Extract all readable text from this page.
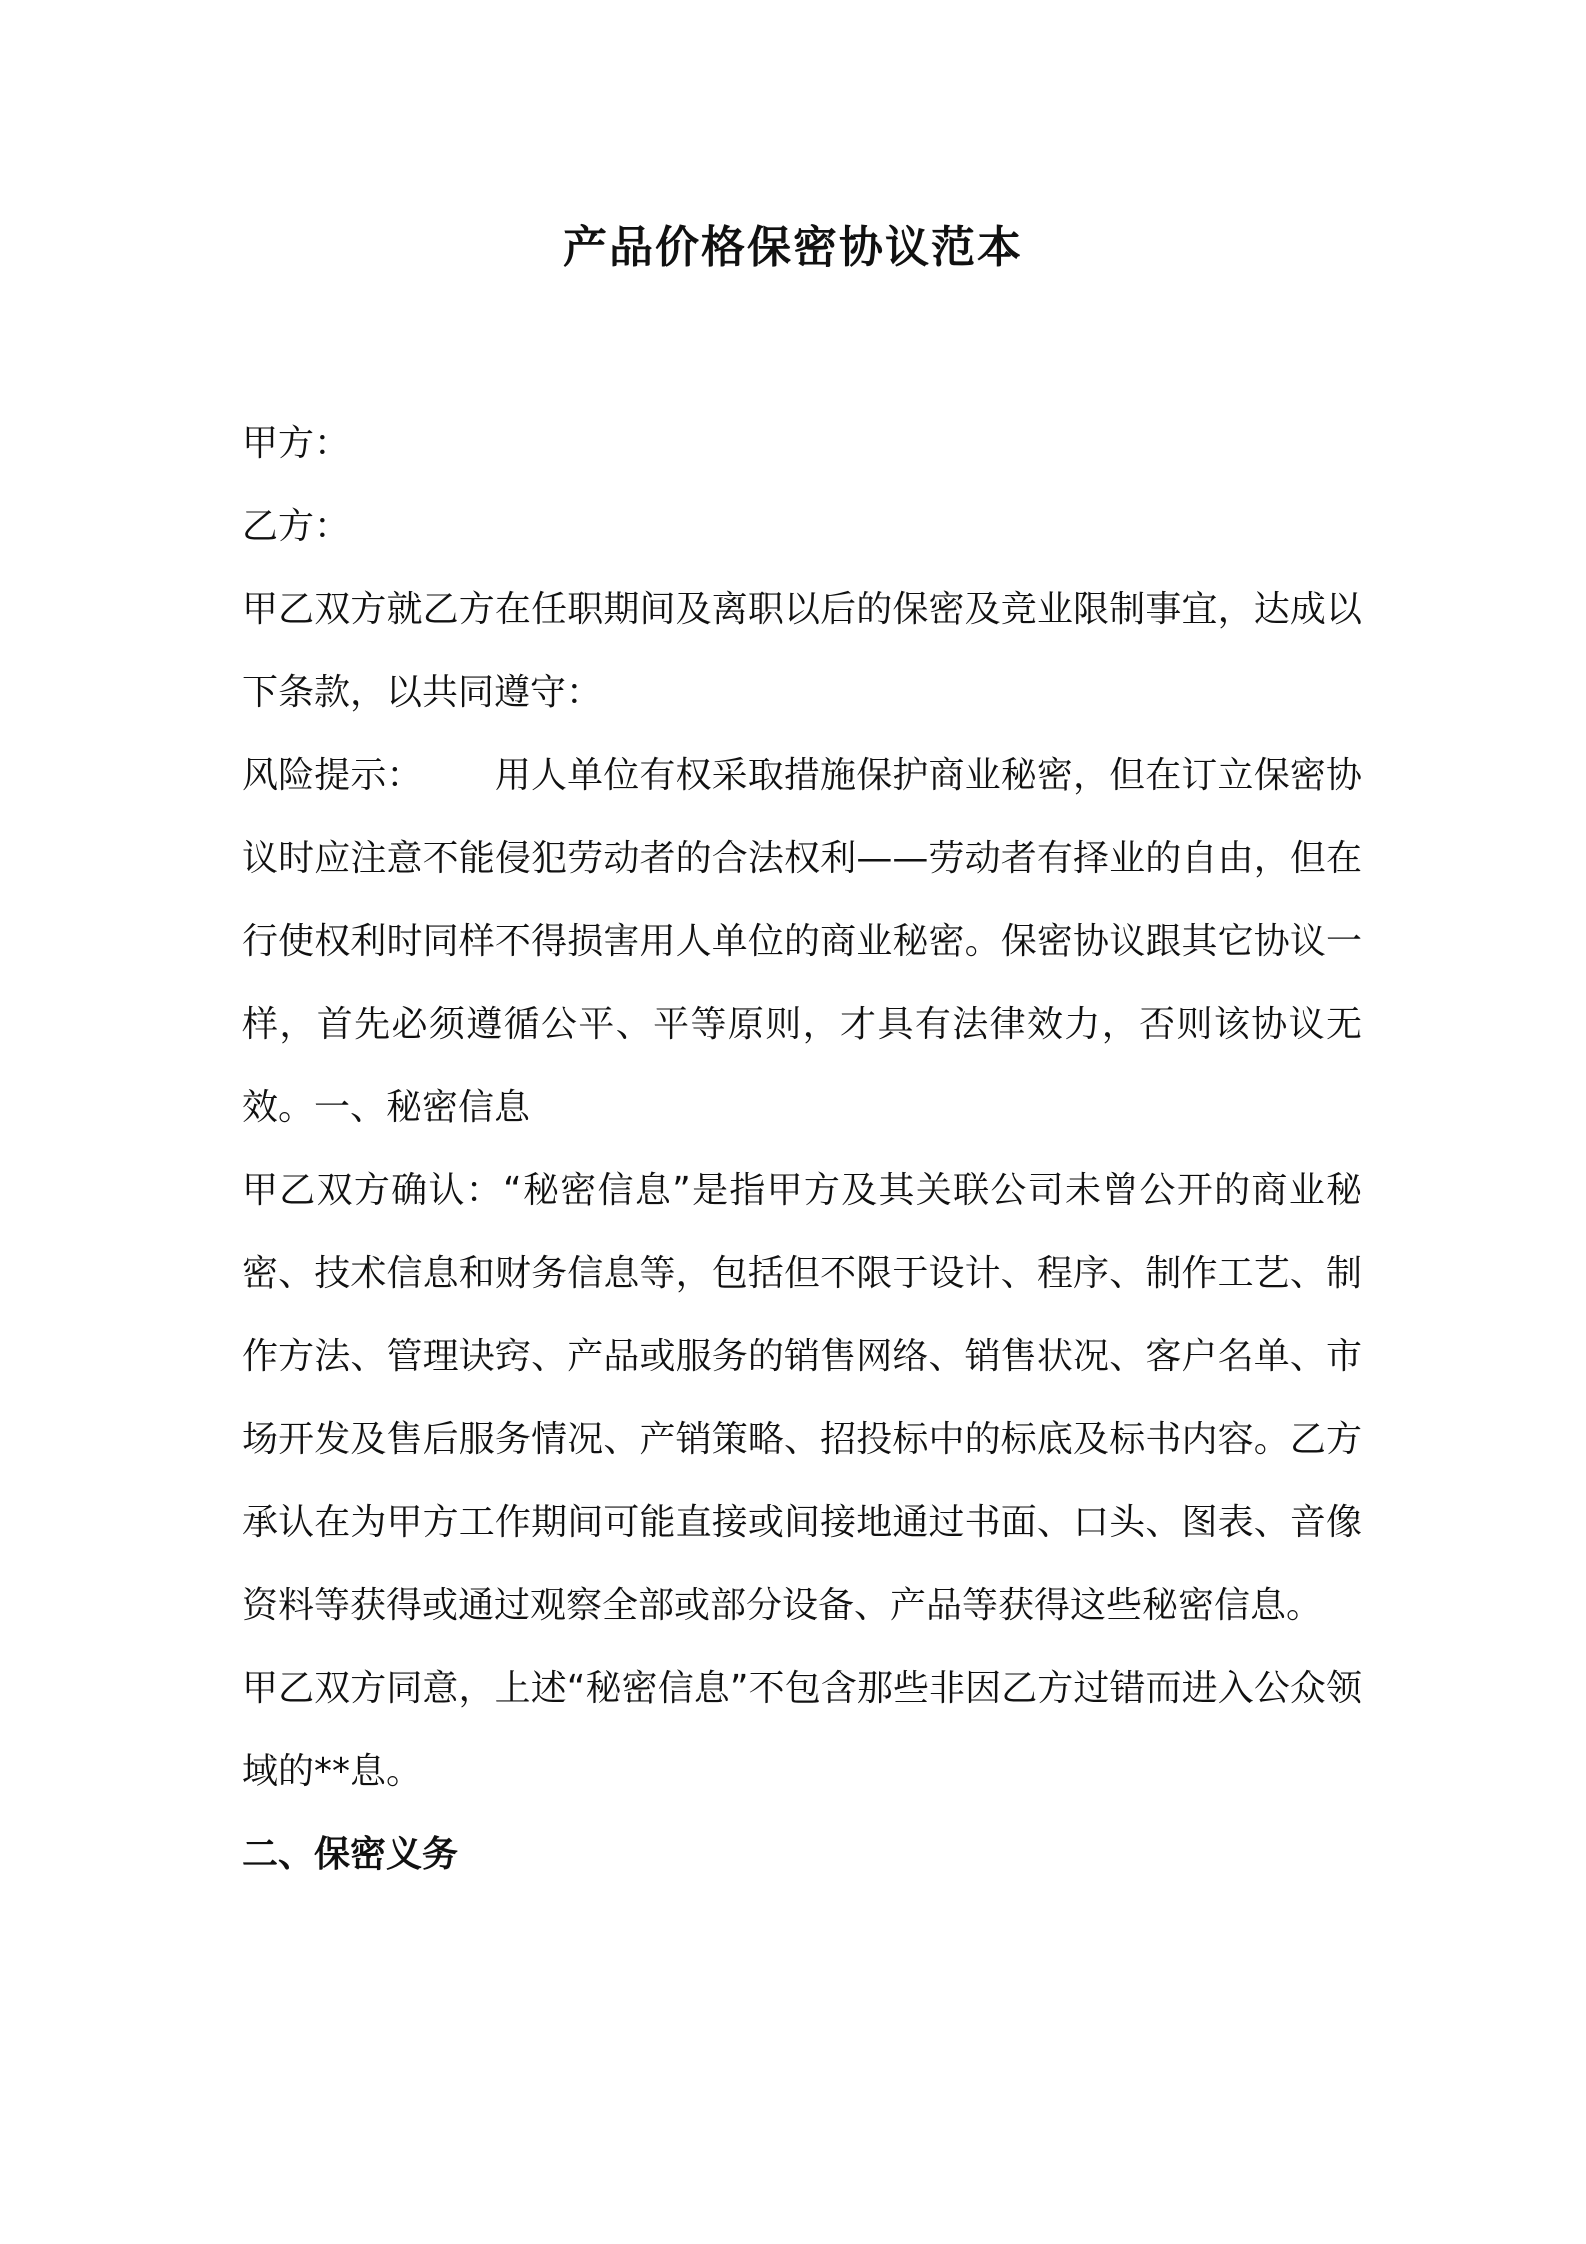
产品价格保密协议范本

甲方：

乙方：

甲乙双方就乙方在任职期间及离职以后的保密及竞业限制事宜，达成以下条款，以共同遵守：

风险提示： 用人单位有权采取措施保护商业秘密，但在订立保密协议时应注意不能侵犯劳动者的合法权利——劳动者有择业的自由，但在行使权利时同样不得损害用人单位的商业秘密。保密协议跟其它协议一样，首先必须遵循公平、平等原则，才具有法律效力，否则该协议无效。一、秘密信息

甲乙双方确认：“秘密信息”是指甲方及其关联公司未曾公开的商业秘密、技术信息和财务信息等，包括但不限于设计、程序、制作工艺、制作方法、管理诀窍、产品或服务的销售网络、销售状况、客户名单、市场开发及售后服务情况、产销策略、招投标中的标底及标书内容。乙方承认在为甲方工作期间可能直接或间接地通过书面、口头、图表、音像资料等获得或通过观察全部或部分设备、产品等获得这些秘密信息。

甲乙双方同意，上述“秘密信息”不包含那些非因乙方过错而进入公众领域的**息。

二、保密义务
